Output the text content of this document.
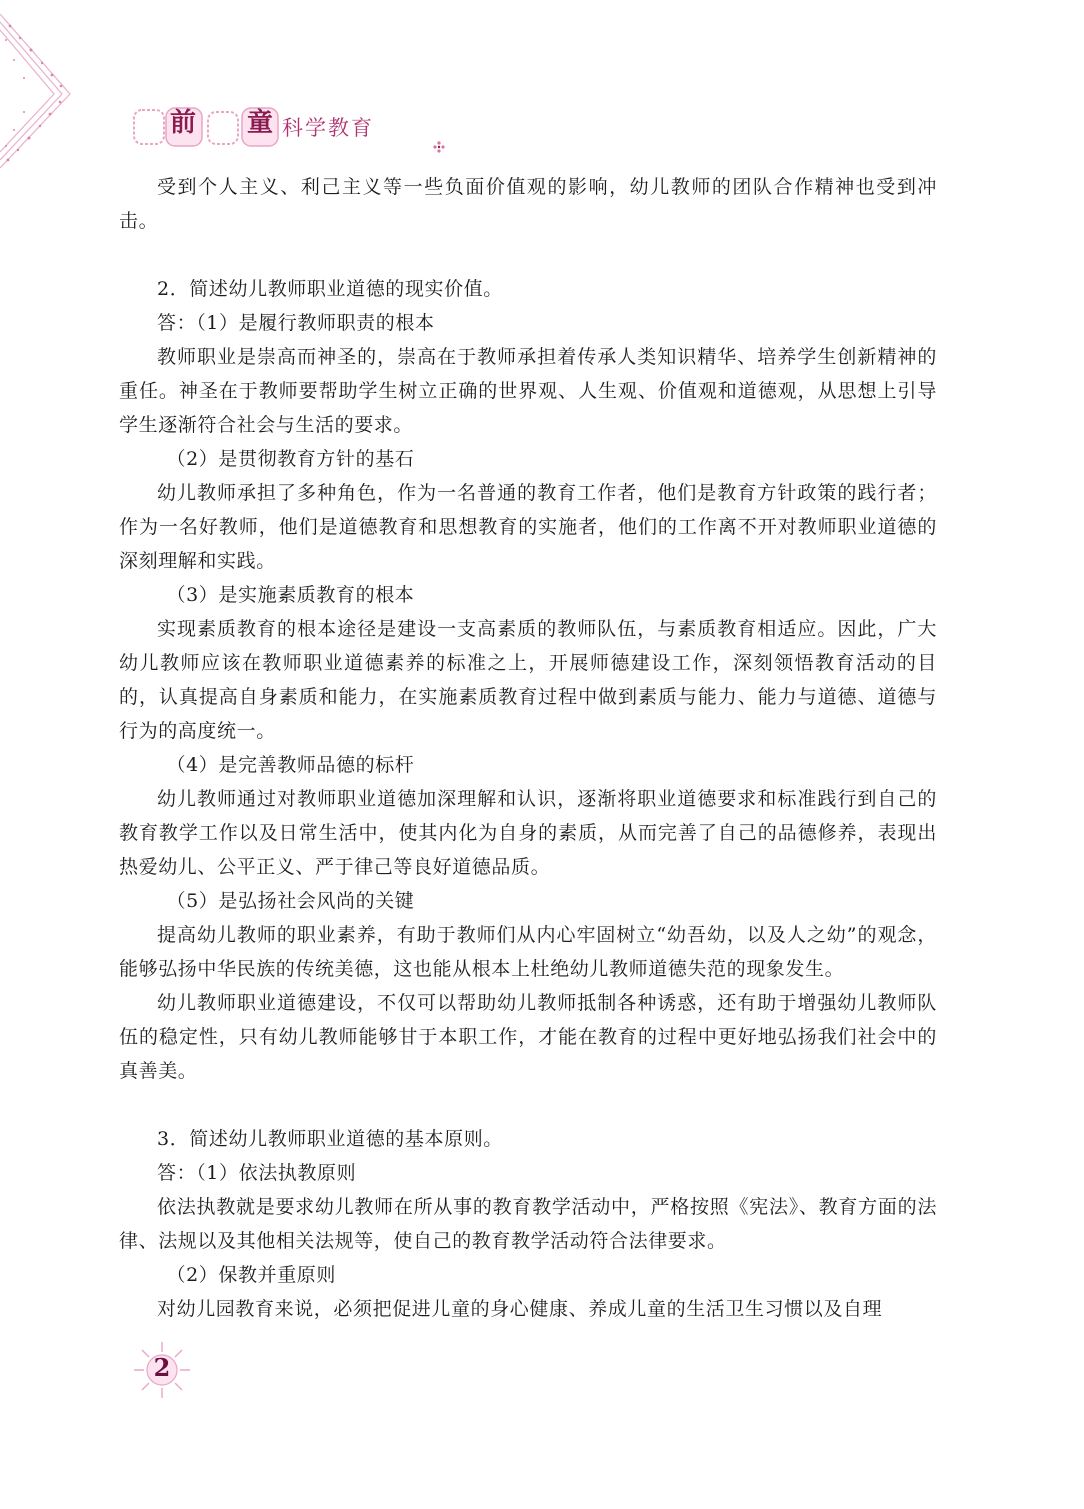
前 童 科学教育

受到个人主义、利己主义等一些负面价值观的影响，幼儿教师的团队合作精神也受到冲击。

2．简述幼儿教师职业道德的现实价值。

答：（1）是履行教师职责的根本

教师职业是崇高而神圣的，崇高在于教师承担着传承人类知识精华、培养学生创新精神的重任。神圣在于教师要帮助学生树立正确的世界观、人生观、价值观和道德观，从思想上引导学生逐渐符合社会与生活的要求。

（2）是贯彻教育方针的基石

幼儿教师承担了多种角色，作为一名普通的教育工作者，他们是教育方针政策的践行者；作为一名好教师，他们是道德教育和思想教育的实施者，他们的工作离不开对教师职业道德的深刻理解和实践。

（3）是实施素质教育的根本

实现素质教育的根本途径是建设一支高素质的教师队伍，与素质教育相适应。因此，广大幼儿教师应该在教师职业道德素养的标准之上，开展师德建设工作，深刻领悟教育活动的目的，认真提高自身素质和能力，在实施素质教育过程中做到素质与能力、能力与道德、道德与行为的高度统一。

（4）是完善教师品德的标杆

幼儿教师通过对教师职业道德加深理解和认识，逐渐将职业道德要求和标准践行到自己的教育教学工作以及日常生活中，使其内化为自身的素质，从而完善了自己的品德修养，表现出热爱幼儿、公平正义、严于律己等良好道德品质。

（5）是弘扬社会风尚的关键

提高幼儿教师的职业素养，有助于教师们从内心牢固树立“幼吾幼，以及人之幼”的观念，能够弘扬中华民族的传统美德，这也能从根本上杜绝幼儿教师道德失范的现象发生。

幼儿教师职业道德建设，不仅可以帮助幼儿教师抵制各种诱惑，还有助于增强幼儿教师队伍的稳定性，只有幼儿教师能够甘于本职工作，才能在教育的过程中更好地弘扬我们社会中的真善美。

3．简述幼儿教师职业道德的基本原则。

答：（1）依法执教原则

依法执教就是要求幼儿教师在所从事的教育教学活动中，严格按照《宪法》、教育方面的法律、法规以及其他相关法规等，使自己的教育教学活动符合法律要求。

（2）保教并重原则

对幼儿园教育来说，必须把促进儿童的身心健康、养成儿童的生活卫生习惯以及自理

2
